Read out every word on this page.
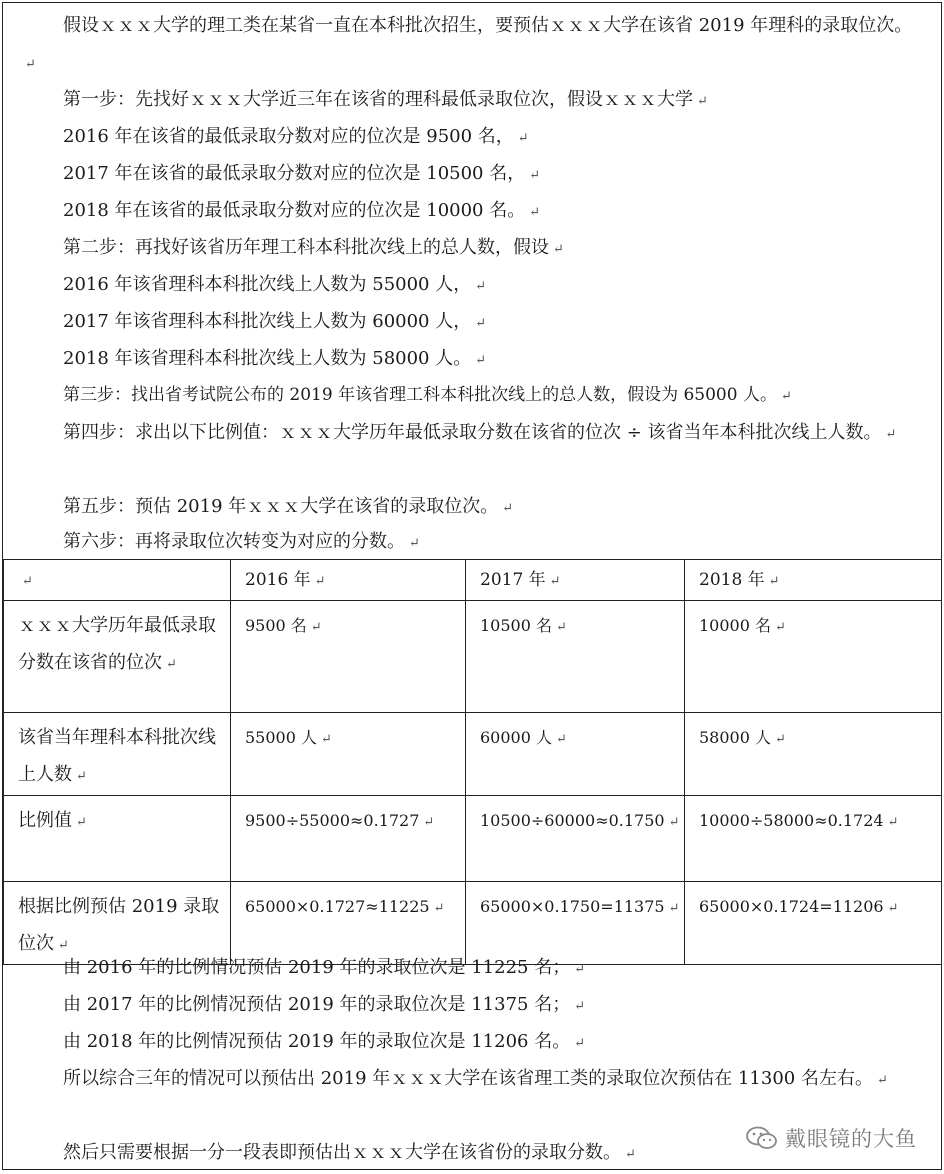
假设ｘｘｘ大学的理工类在某省一直在本科批次招生，要预估ｘｘｘ大学在该省 2019 年理科的录取位次。↵

第一步：先找好ｘｘｘ大学近三年在该省的理科最低录取位次，假设ｘｘｘ大学 ↵

2016 年在该省的最低录取分数对应的位次是 9500 名， ↵

2017 年在该省的最低录取分数对应的位次是 10500 名， ↵

2018 年在该省的最低录取分数对应的位次是 10000 名。 ↵

第二步：再找好该省历年理工科本科批次线上的总人数，假设 ↵

2016 年该省理科本科批次线上人数为 55000 人， ↵

2017 年该省理科本科批次线上人数为 60000 人， ↵

2018 年该省理科本科批次线上人数为 58000 人。 ↵

第三步：找出省考试院公布的 2019 年该省理工科本科批次线上的总人数，假设为 65000 人。 ↵

第四步：求出以下比例值：ｘｘｘ大学历年最低录取分数在该省的位次 ÷ 该省当年本科批次线上人数。 ↵

第五步：预估 2019 年ｘｘｘ大学在该省的录取位次。 ↵

第六步：再将录取位次转变为对应的分数。 ↵

↵	2016 年 ↵	2017 年 ↵	2018 年 ↵
ｘｘｘ大学历年最低录取分数在该省的位次 ↵	9500 名 ↵	10500 名 ↵	10000 名 ↵
该省当年理科本科批次线上人数 ↵	55000 人 ↵	60000 人 ↵	58000 人 ↵
比例值 ↵	9500÷55000≈0.1727 ↵	10500÷60000≈0.1750 ↵	10000÷58000≈0.1724 ↵
根据比例预估 2019 录取位次 ↵	65000×0.1727≈11225 ↵	65000×0.1750=11375 ↵	65000×0.1724=11206 ↵

由 2016 年的比例情况预估 2019 年的录取位次是 11225 名； ↵

由 2017 年的比例情况预估 2019 年的录取位次是 11375 名； ↵

由 2018 年的比例情况预估 2019 年的录取位次是 11206 名。 ↵

所以综合三年的情况可以预估出 2019 年ｘｘｘ大学在该省理工类的录取位次预估在 11300 名左右。 ↵

然后只需要根据一分一段表即预估出ｘｘｘ大学在该省份的录取分数。 ↵

戴眼镜的大鱼
